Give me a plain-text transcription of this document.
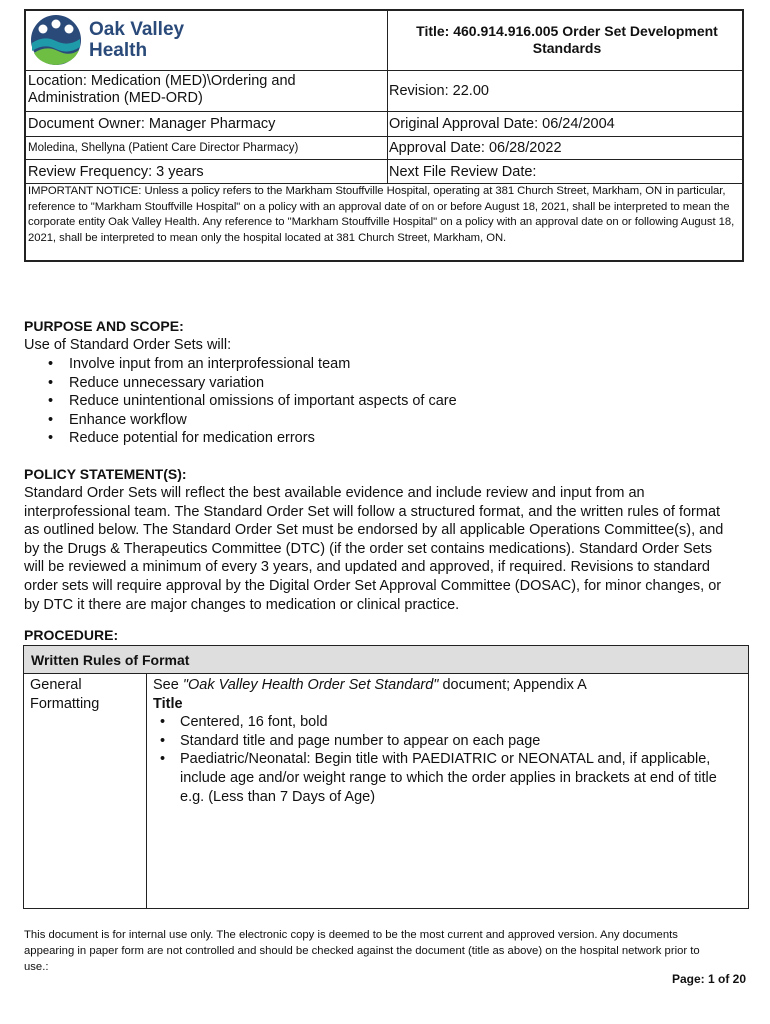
Oak Valley
Health
Title: 460.914.916.005 Order Set Development Standards
Location: Medication (MED)\Ordering and Administration (MED-ORD)	Revision: 22.00
Document Owner: Manager Pharmacy	Original Approval Date: 06/24/2004
Moledina, Shellyna (Patient Care Director Pharmacy)	Approval Date: 06/28/2022
Review Frequency: 3 years	Next File Review Date:
IMPORTANT NOTICE: Unless a policy refers to the Markham Stouffville Hospital, operating at 381 Church Street, Markham, ON in particular, reference to "Markham Stouffville Hospital" on a policy with an approval date of on or before August 18, 2021, shall be interpreted to mean the corporate entity Oak Valley Health. Any reference to "Markham Stouffville Hospital" on a policy with an approval date on or following August 18, 2021, shall be interpreted to mean only the hospital located at 381 Church Street, Markham, ON.
PURPOSE AND SCOPE:
Use of Standard Order Sets will:
• Involve input from an interprofessional team
• Reduce unnecessary variation
• Reduce unintentional omissions of important aspects of care
• Enhance workflow
• Reduce potential for medication errors
POLICY STATEMENT(S):
Standard Order Sets will reflect the best available evidence and include review and input from an interprofessional team. The Standard Order Set will follow a structured format, and the written rules of format as outlined below. The Standard Order Set must be endorsed by all applicable Operations Committee(s), and by the Drugs & Therapeutics Committee (DTC) (if the order set contains medications). Standard Order Sets will be reviewed a minimum of every 3 years, and updated and approved, if required. Revisions to standard order sets will require approval by the Digital Order Set Approval Committee (DOSAC), for minor changes, or by DTC it there are major changes to medication or clinical practice.
PROCEDURE:
Written Rules of Format
General Formatting
See "Oak Valley Health Order Set Standard" document; Appendix A
Title
• Centered, 16 font, bold
• Standard title and page number to appear on each page
• Paediatric/Neonatal: Begin title with PAEDIATRIC or NEONATAL and, if applicable, include age and/or weight range to which the order applies in brackets at end of title e.g. (Less than 7 Days of Age)
This document is for internal use only. The electronic copy is deemed to be the most current and approved version. Any documents appearing in paper form are not controlled and should be checked against the document (title as above) on the hospital network prior to use.:
Page: 1 of 20
